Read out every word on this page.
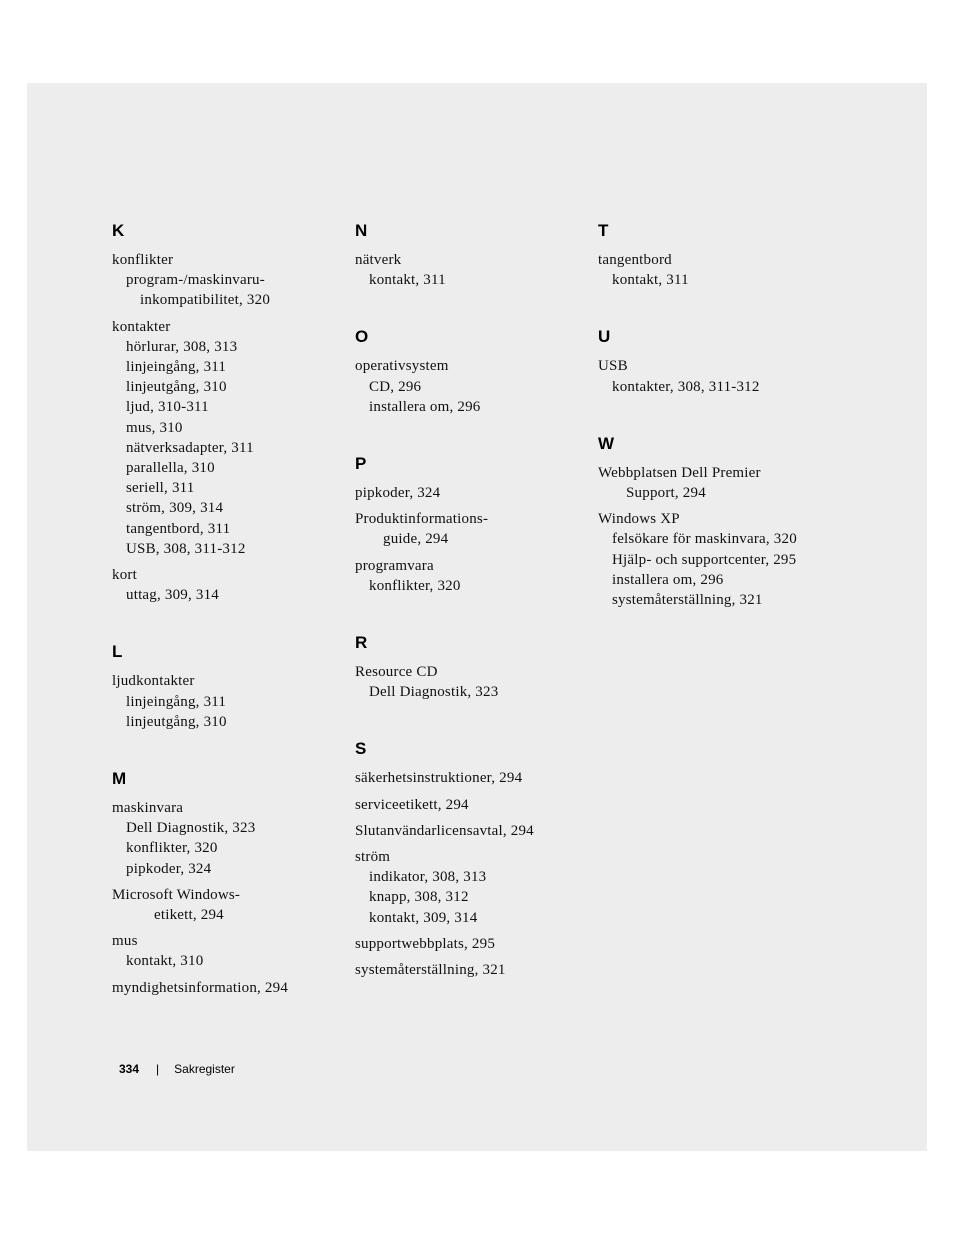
K
konflikter
program-/maskinvaru-
inkompatibilitet, 320
kontakter
hörlurar, 308, 313
linjeingång, 311
linjeutgång, 310
ljud, 310-311
mus, 310
nätverksadapter, 311
parallella, 310
seriell, 311
ström, 309, 314
tangentbord, 311
USB, 308, 311-312
kort
uttag, 309, 314
L
ljudkontakter
linjeingång, 311
linjeutgång, 310
M
maskinvara
Dell Diagnostik, 323
konflikter, 320
pipkoder, 324
Microsoft Windows-
etikett, 294
mus
kontakt, 310
myndighetsinformation, 294
N
nätverk
kontakt, 311
O
operativsystem
CD, 296
installera om, 296
P
pipkoder, 324
Produktinformations-
guide, 294
programvara
konflikter, 320
R
Resource CD
Dell Diagnostik, 323
S
säkerhetsinstruktioner, 294
serviceetikett, 294
Slutanvändarlicensavtal, 294
ström
indikator, 308, 313
knapp, 308, 312
kontakt, 309, 314
supportwebbplats, 295
systemåterställning, 321
T
tangentbord
kontakt, 311
U
USB
kontakter, 308, 311-312
W
Webbplatsen Dell Premier
Support, 294
Windows XP
felsökare för maskinvara, 320
Hjälp- och supportcenter, 295
installera om, 296
systemåterställning, 321
334 | Sakregister
